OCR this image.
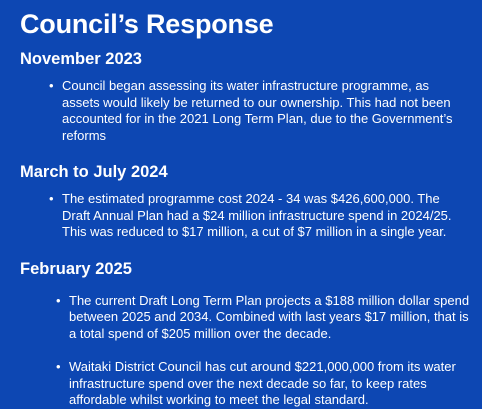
Council’s Response
November 2023
• Council began assessing its water infrastructure programme, as assets would likely be returned to our ownership. This had not been accounted for in the 2021 Long Term Plan, due to the Government’s reforms
March to July 2024
• The estimated programme cost 2024 - 34 was $426,600,000. The Draft Annual Plan had a $24 million infrastructure spend in 2024/25. This was reduced to $17 million, a cut of $7 million in a single year.
February 2025
• The current Draft Long Term Plan projects a $188 million dollar spend between 2025 and 2034. Combined with last years $17 million, that is a total spend of $205 million over the decade.
• Waitaki District Council has cut around $221,000,000 from its water infrastructure spend over the next decade so far, to keep rates affordable whilst working to meet the legal standard.
